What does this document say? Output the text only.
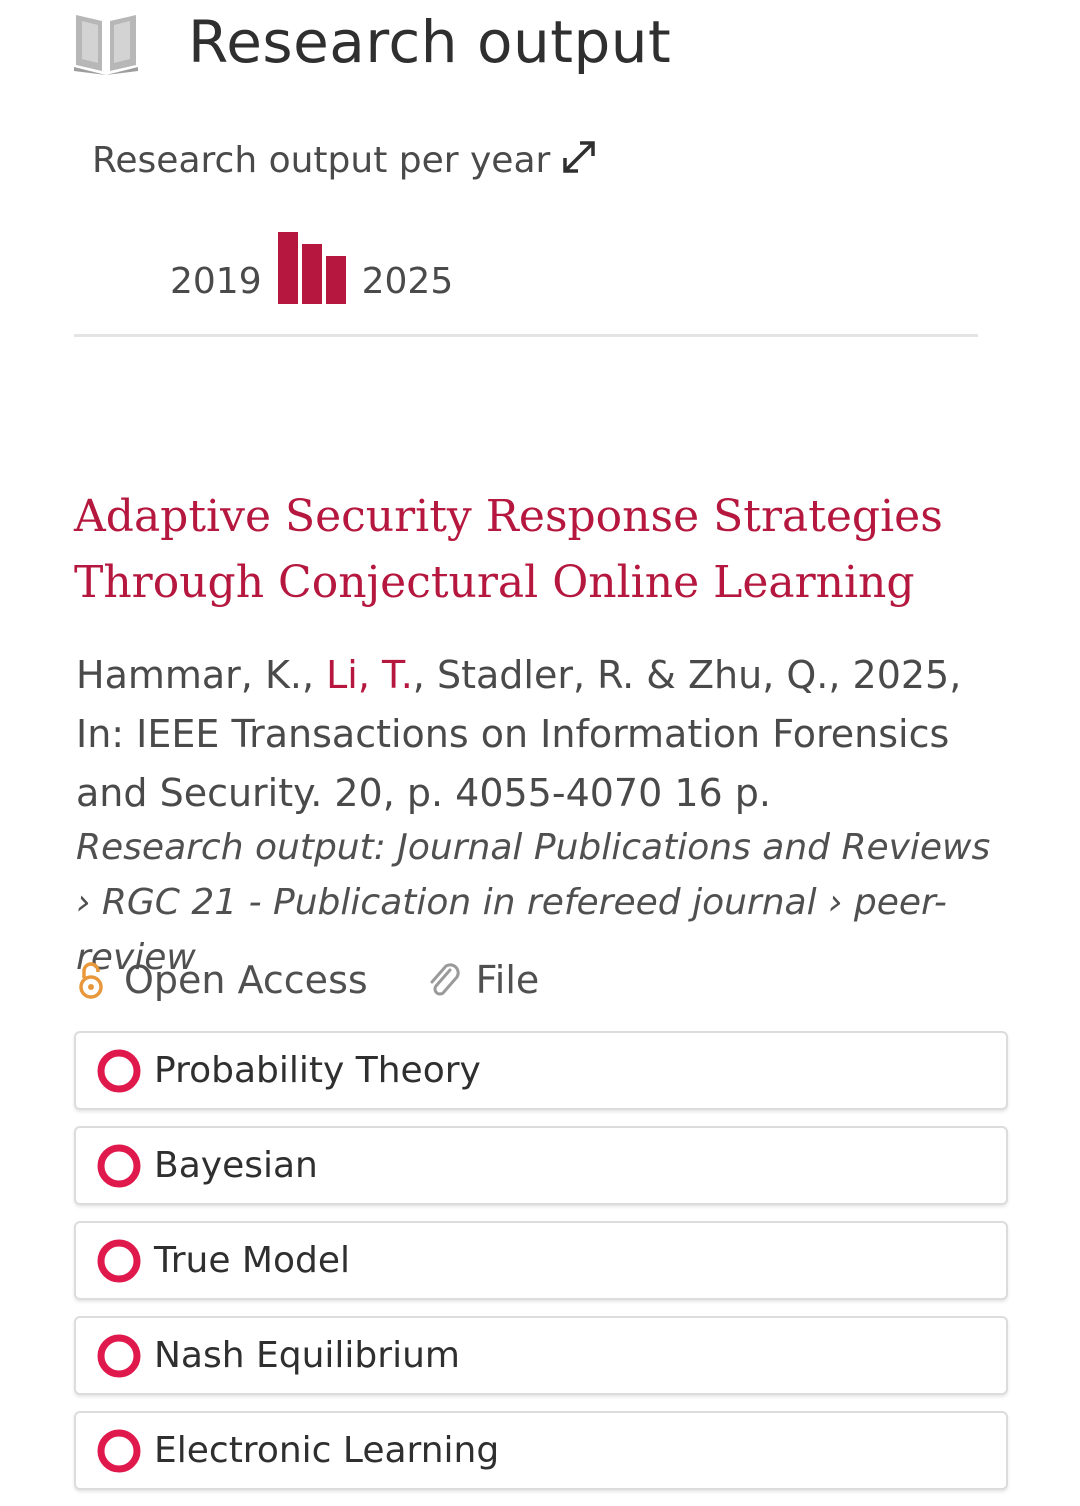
Research output
Research output per year
2019	2025
Adaptive Security Response Strategies Through Conjectural Online Learning
Hammar, K., Li, T., Stadler, R. & Zhu, Q., 2025, In: IEEE Transactions on Information Forensics and Security. 20, p. 4055-4070 16 p.
Research output: Journal Publications and Reviews › RGC 21 - Publication in refereed journal › peer-review
Open Access	File
Probability Theory
Bayesian
True Model
Nash Equilibrium
Electronic Learning
